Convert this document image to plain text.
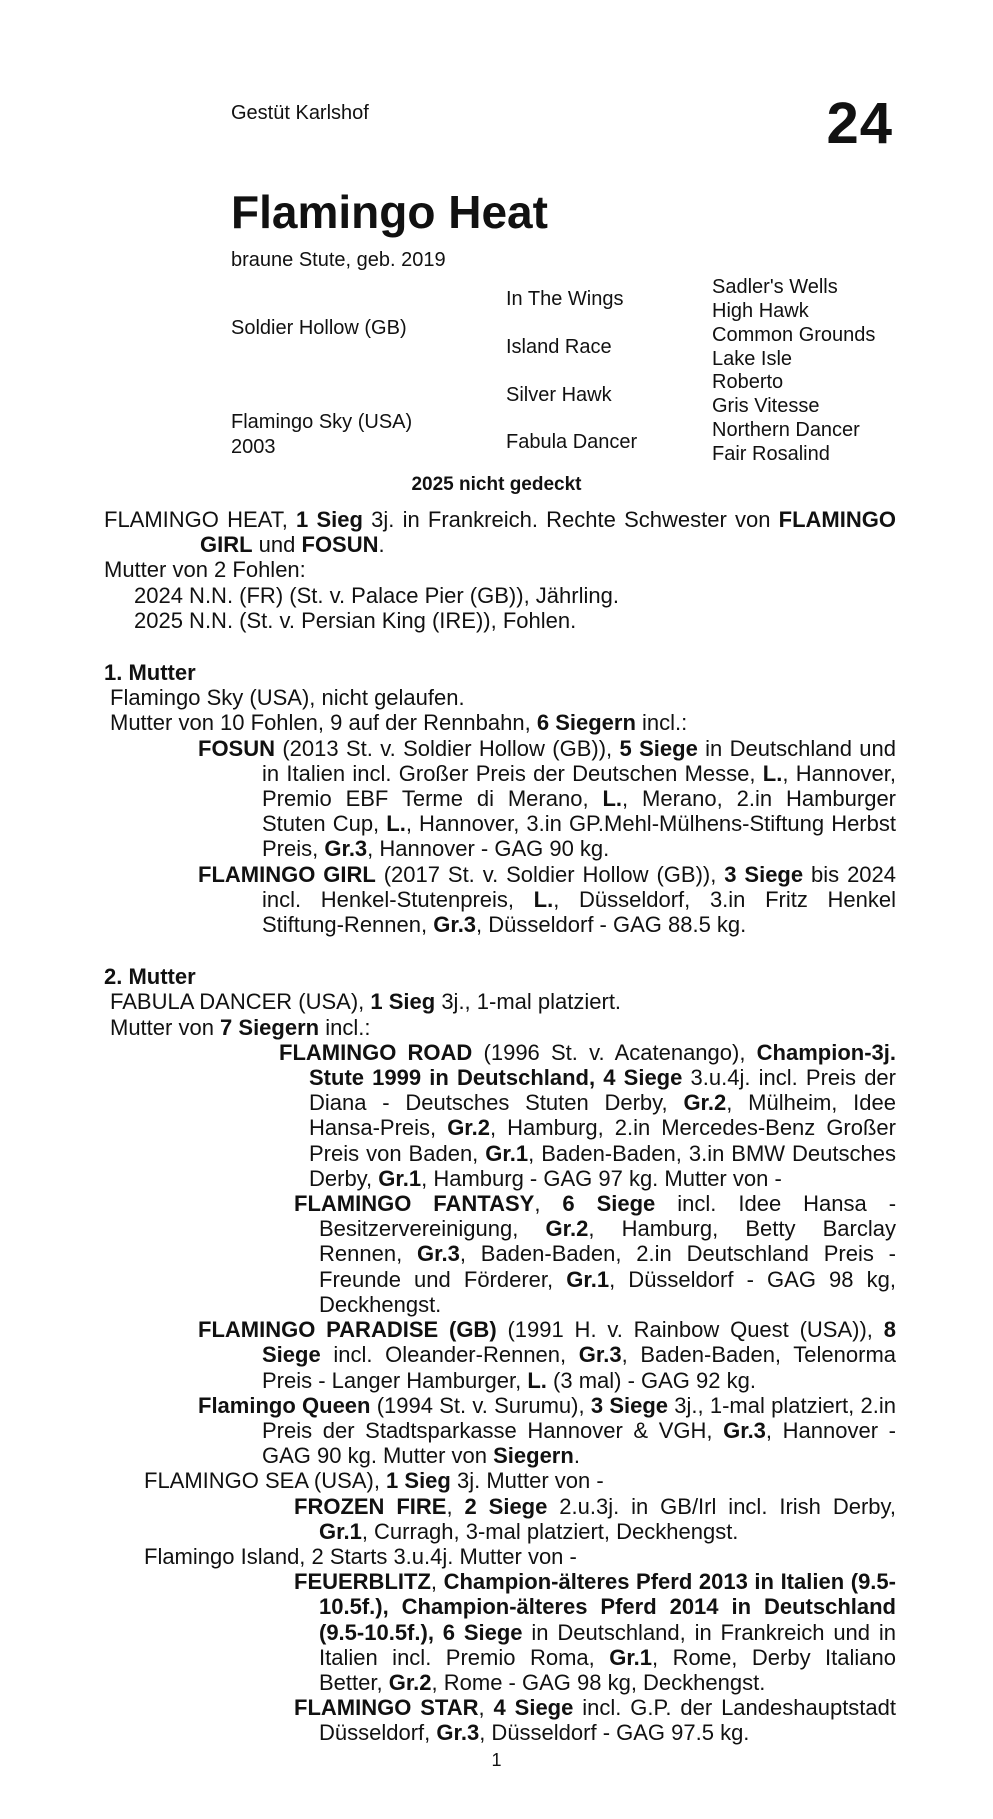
Gestüt Karlshof	24
Flamingo Heat
braune Stute, geb. 2019
Soldier Hollow (GB)
Flamingo Sky (USA)
2003
In The Wings
Island Race
Silver Hawk
Fabula Dancer
Sadler's Wells
High Hawk
Common Grounds
Lake Isle
Roberto
Gris Vitesse
Northern Dancer
Fair Rosalind
2025 nicht gedeckt

FLAMINGO HEAT, 1 Sieg 3j. in Frankreich. Rechte Schwester von FLAMINGO GIRL und FOSUN.

Mutter von 2 Fohlen:

2024 N.N. (FR) (St. v. Palace Pier (GB)), Jährling.

2025 N.N. (St. v. Persian King (IRE)), Fohlen.

1. Mutter

Flamingo Sky (USA), nicht gelaufen.

Mutter von 10 Fohlen, 9 auf der Rennbahn, 6 Siegern incl.:

FOSUN (2013 St. v. Soldier Hollow (GB)), 5 Siege in Deutschland und in Italien incl. Großer Preis der Deutschen Messe, L., Hannover, Premio EBF Terme di Merano, L., Merano, 2.in Hamburger Stuten Cup, L., Hannover, 3.in GP.Mehl-Mülhens-Stiftung Herbst Preis, Gr.3, Hannover - GAG 90 kg.

FLAMINGO GIRL (2017 St. v. Soldier Hollow (GB)), 3 Siege bis 2024 incl. Henkel-Stutenpreis, L., Düsseldorf, 3.in Fritz Henkel Stiftung-Rennen, Gr.3, Düsseldorf - GAG 88.5 kg.

2. Mutter

FABULA DANCER (USA), 1 Sieg 3j., 1-mal platziert.

Mutter von 7 Siegern incl.:

FLAMINGO ROAD (1996 St. v. Acatenango), Champion-3j. Stute 1999 in Deutschland, 4 Siege 3.u.4j. incl. Preis der Diana - Deutsches Stuten Derby, Gr.2, Mülheim, Idee Hansa-Preis, Gr.2, Hamburg, 2.in Mercedes-Benz Großer Preis von Baden, Gr.1, Baden-Baden, 3.in BMW Deutsches Derby, Gr.1, Hamburg - GAG 97 kg. Mutter von -

FLAMINGO FANTASY, 6 Siege incl. Idee Hansa - Besitzervereinigung, Gr.2, Hamburg, Betty Barclay Rennen, Gr.3, Baden-Baden, 2.in Deutschland Preis - Freunde und Förderer, Gr.1, Düsseldorf - GAG 98 kg, Deckhengst.

FLAMINGO PARADISE (GB) (1991 H. v. Rainbow Quest (USA)), 8 Siege incl. Oleander-Rennen, Gr.3, Baden-Baden, Telenorma Preis - Langer Hamburger, L. (3 mal) - GAG 92 kg.

Flamingo Queen (1994 St. v. Surumu), 3 Siege 3j., 1-mal platziert, 2.in Preis der Stadtsparkasse Hannover & VGH, Gr.3, Hannover - GAG 90 kg. Mutter von Siegern.

FLAMINGO SEA (USA), 1 Sieg 3j. Mutter von -

FROZEN FIRE, 2 Siege 2.u.3j. in GB/Irl incl. Irish Derby, Gr.1, Curragh, 3-mal platziert, Deckhengst.

Flamingo Island, 2 Starts 3.u.4j. Mutter von -

FEUERBLITZ, Champion-älteres Pferd 2013 in Italien (9.5-10.5f.), Champion-älteres Pferd 2014 in Deutschland (9.5-10.5f.), 6 Siege in Deutschland, in Frankreich und in Italien incl. Premio Roma, Gr.1, Rome, Derby Italiano Better, Gr.2, Rome - GAG 98 kg, Deckhengst.

FLAMINGO STAR, 4 Siege incl. G.P. der Landeshauptstadt Düsseldorf, Gr.3, Düsseldorf - GAG 97.5 kg.

1
